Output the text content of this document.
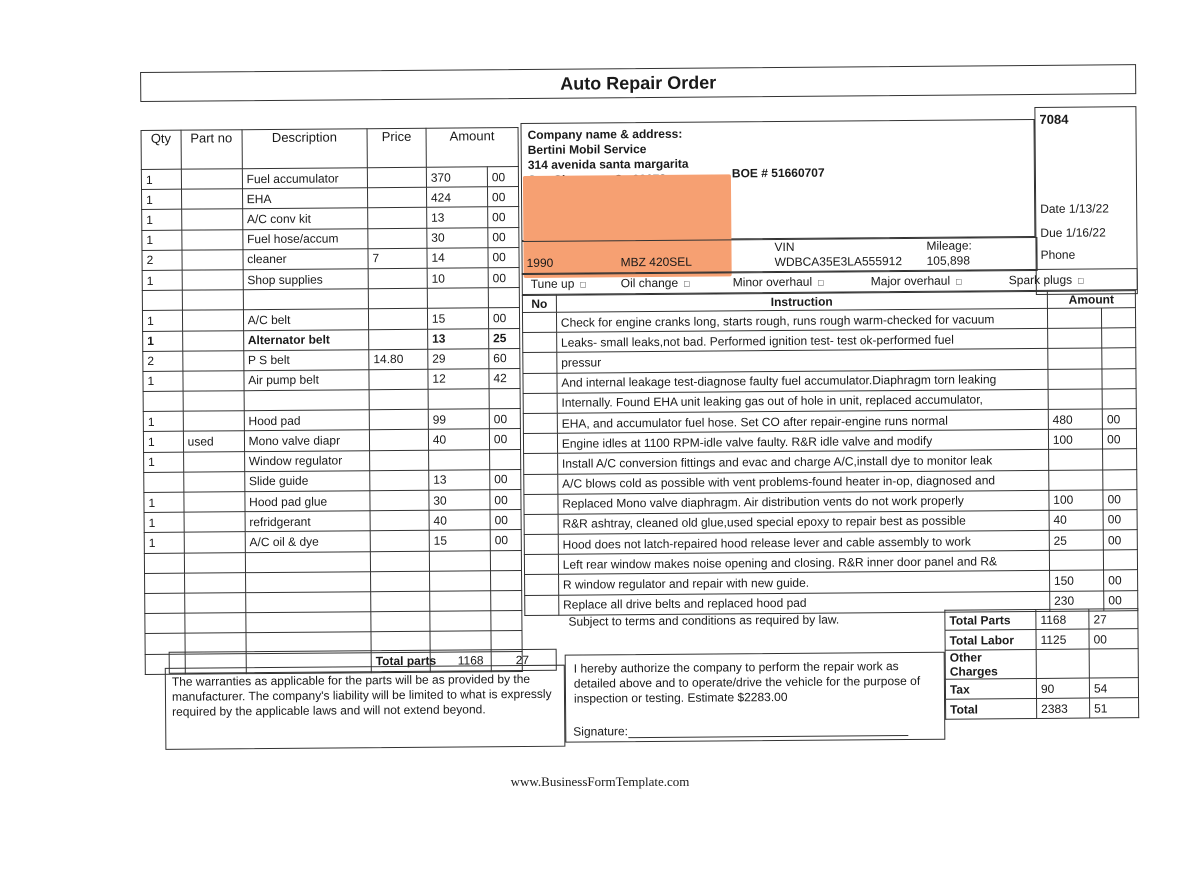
Auto Repair Order
Qty	Part no	Description	Price	Amount	
1		Fuel accumulator		370	00
1		EHA		424	00
1		A/C conv kit		13	00
1		Fuel hose/accum		30	00
2		cleaner	7	14	00
1		Shop supplies		10	00

1		A/C belt		15	00
1		Alternator belt		13	25
2		P S belt	14.80	29	60
1		Air pump belt		12	42

1		Hood pad		99	00
1	used	Mono valve diapr		40	00
1		Window regulator			
		Slide guide		13	00
1		Hood pad glue		30	00
1		refridgerant		40	00
1		A/C oil & dye		15	00

Total parts 1168	27
The warranties as applicable for the parts will be as provided by the manufacturer. The company's liability will be limited to what is expressly required by the applicable laws and will not extend beyond.
Company name & address:
Bertini Mobil Service
314 avenida santa margarita
BOE # 51660707
7084
Date 1/13/22
Due 1/16/22
Phone
1990	MBZ 420SEL
VIN
WDBCA35E3LA555912
Mileage:
105,898
Tune up □	Oil change □	Minor overhaul □	Major overhaul □	Spark plugs □
No	Instruction	Amount	
	Check for engine cranks long, starts rough, runs rough warm-checked for vacuum		
	Leaks- small leaks,not bad. Performed ignition test- test ok-performed fuel		
	pressur		
	And internal leakage test-diagnose faulty fuel accumulator.Diaphragm torn leaking		
	Internally. Found EHA unit leaking gas out of hole in unit, replaced accumulator,		
	EHA, and accumulator fuel hose. Set CO after repair-engine runs normal	480	00
	Engine idles at 1100 RPM-idle valve faulty. R&R idle valve and modify	100	00
	Install A/C conversion fittings and evac and charge A/C,install dye to monitor leak		
	A/C blows cold as possible with vent problems-found heater in-op, diagnosed and		
	Replaced Mono valve diaphragm. Air distribution vents do not work properly	100	00
	R&R ashtray, cleaned old glue,used special epoxy to repair best as possible	40	00
	Hood does not latch-repaired hood release lever and cable assembly to work	25	00
	Left rear window makes noise opening and closing. R&R inner door panel and R&		
	R window regulator and repair with new guide.	150	00
	Replace all drive belts and replaced hood pad	230	00
Subject to terms and conditions as required by law.	Total Parts	1168	27
Total Labor	1125	00
Other Charges		
Tax	90	54
Total	2383	51
I hereby authorize the company to perform the repair work as detailed above and to operate/drive the vehicle for the purpose of inspection or testing. Estimate $2283.00
Signature:
www.BusinessFormTemplate.com
